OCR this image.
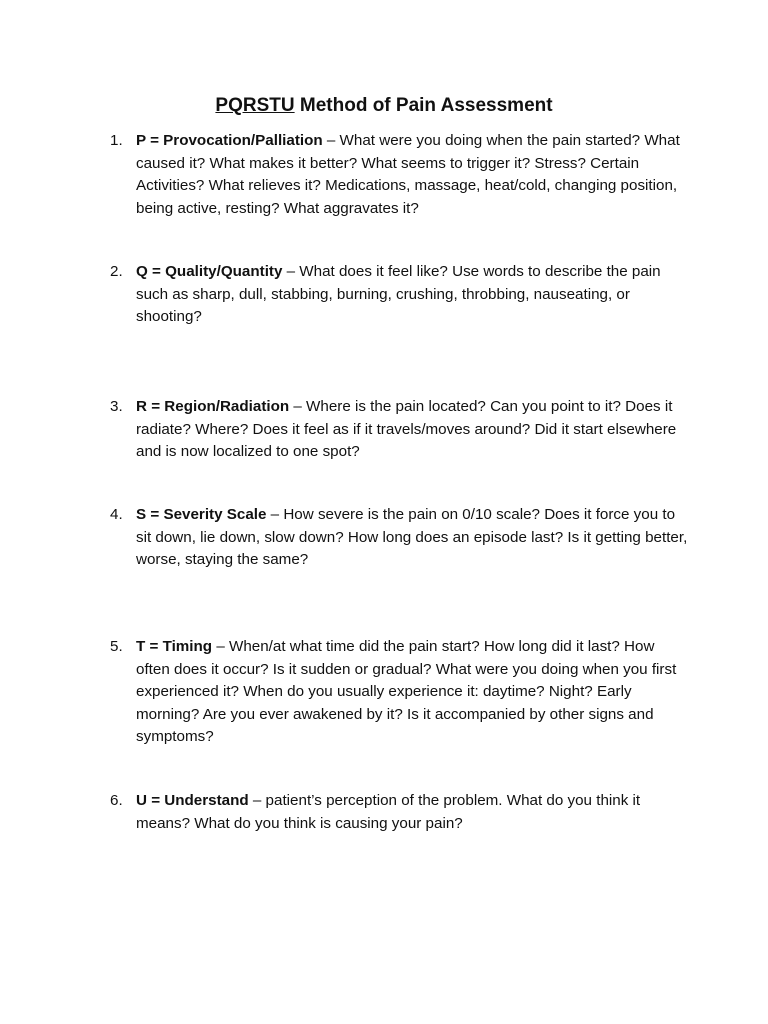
PQRSTU Method of Pain Assessment
1. P = Provocation/Palliation – What were you doing when the pain started? What caused it? What makes it better? What seems to trigger it? Stress? Certain Activities? What relieves it? Medications, massage, heat/cold, changing position, being active, resting? What aggravates it?
2. Q = Quality/Quantity – What does it feel like? Use words to describe the pain such as sharp, dull, stabbing, burning, crushing, throbbing, nauseating, or shooting?
3. R = Region/Radiation – Where is the pain located? Can you point to it? Does it radiate? Where? Does it feel as if it travels/moves around? Did it start elsewhere and is now localized to one spot?
4. S = Severity Scale – How severe is the pain on 0/10 scale? Does it force you to sit down, lie down, slow down? How long does an episode last? Is it getting better, worse, staying the same?
5. T = Timing – When/at what time did the pain start? How long did it last? How often does it occur? Is it sudden or gradual? What were you doing when you first experienced it? When do you usually experience it: daytime? Night? Early morning? Are you ever awakened by it? Is it accompanied by other signs and symptoms?
6. U = Understand – patient’s perception of the problem. What do you think it means? What do you think is causing your pain?
